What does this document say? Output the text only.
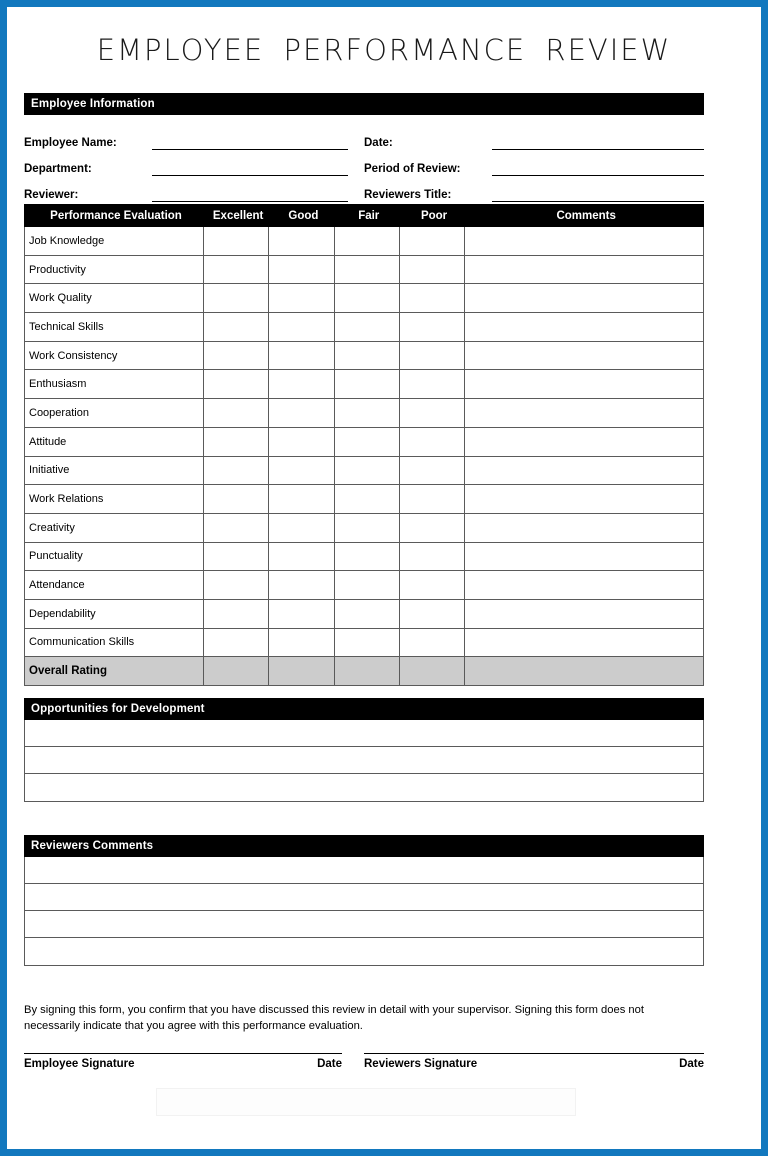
EMPLOYEE PERFORMANCE REVIEW
Employee Information
Employee Name:
Department:
Reviewer:
Date:
Period of Review:
Reviewers Title:
Performance Evaluation	Excellent	Good	Fair	Poor	Comments
Job Knowledge					
Productivity					
Work Quality					
Technical Skills					
Work Consistency					
Enthusiasm					
Cooperation					
Attitude					
Initiative					
Work Relations					
Creativity					
Punctuality					
Attendance					
Dependability					
Communication Skills					
Overall Rating					
Opportunities for Development
Reviewers Comments
By signing this form, you confirm that you have discussed this review in detail with your supervisor. Signing this form does not necessarily indicate that you agree with this performance evaluation.
Employee Signature	Date Reviewers Signature	Date
